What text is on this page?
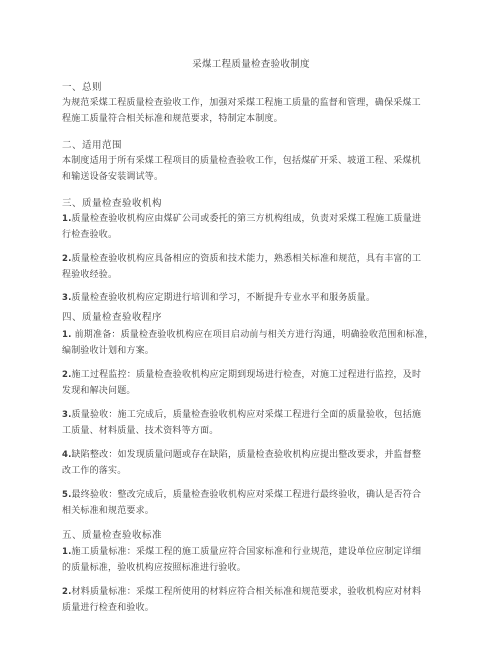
采煤工程质量检查验收制度
一、总则
为规范采煤工程质量检查验收工作，加强对采煤工程施工质量的监督和管理，确保采煤工
程施工质量符合相关标准和规范要求，特制定本制度。
二、适用范围
本制度适用于所有采煤工程项目的质量检查验收工作，包括煤矿开采、坡道工程、采煤机
和输送设备安装调试等。
三、质量检查验收机构
1.质量检查验收机构应由煤矿公司或委托的第三方机构组成，负责对采煤工程施工质量进
行检查验收。
2.质量检查验收机构应具备相应的资质和技术能力，熟悉相关标准和规范，具有丰富的工
程验收经验。
3.质量检查验收机构应定期进行培训和学习，不断提升专业水平和服务质量。
四、质量检查验收程序
1. 前期准备：质量检查验收机构应在项目启动前与相关方进行沟通，明确验收范围和标准，
编制验收计划和方案。
2.施工过程监控：质量检查验收机构应定期到现场进行检查，对施工过程进行监控，及时
发现和解决问题。
3.质量验收：施工完成后，质量检查验收机构应对采煤工程进行全面的质量验收，包括施
工质量、材料质量、技术资料等方面。
4.缺陷整改：如发现质量问题或存在缺陷，质量检查验收机构应提出整改要求，并监督整
改工作的落实。
5.最终验收：整改完成后，质量检查验收机构应对采煤工程进行最终验收，确认是否符合
相关标准和规范要求。
五、质量检查验收标准
1.施工质量标准：采煤工程的施工质量应符合国家标准和行业规范，建设单位应制定详细
的质量标准，验收机构应按照标准进行验收。
2.材料质量标准：采煤工程所使用的材料应符合相关标准和规范要求，验收机构应对材料
质量进行检查和验收。
